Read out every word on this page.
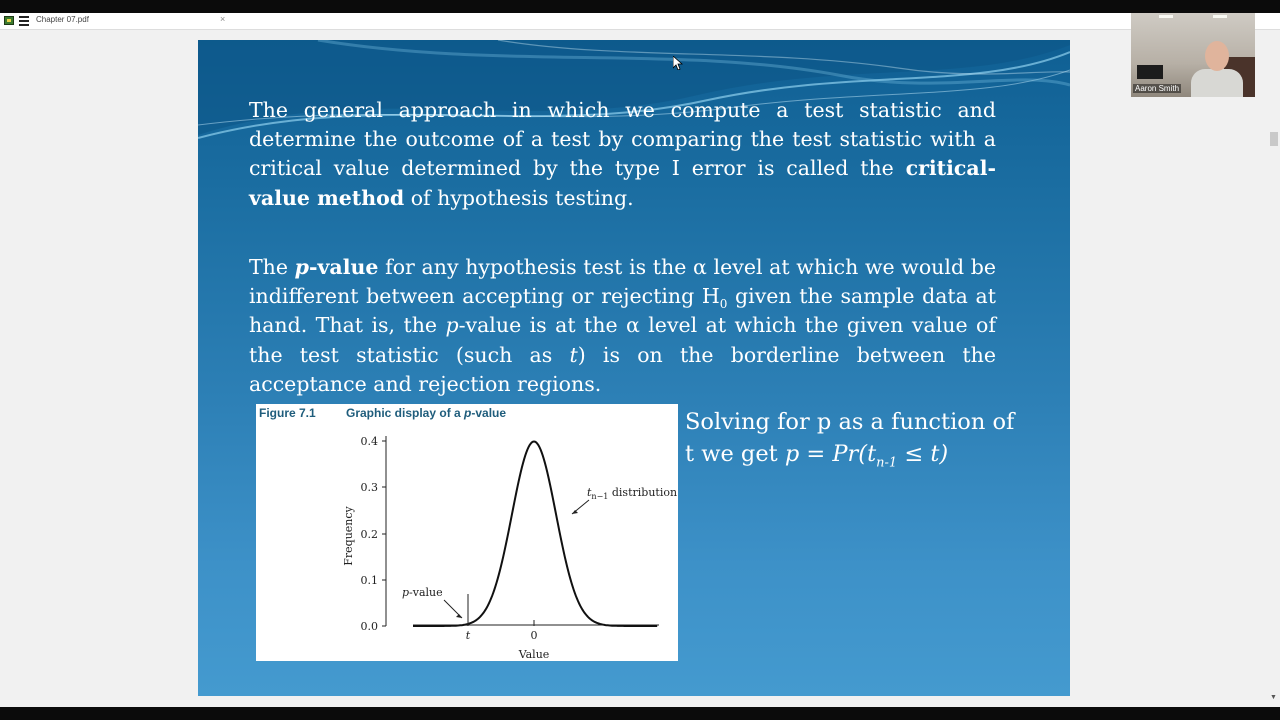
Chapter 07.pdf	×

The general approach in which we compute a test statistic and determine the outcome of a test by comparing the test statistic with a critical value determined by the type I error is called the critical-value method of hypothesis testing.

The p-value for any hypothesis test is the α level at which we would be indifferent between accepting or rejecting $H_0$ given the sample data at hand. That is, the p-value is at the α level at which the given value of the test statistic (such as t) is on the borderline between the acceptance and rejection regions.

Figure 7.1	Graphic display of a p-value
0.4
0.3
0.2
0.1
0.0
Frequency
t	0
Value
p-value
$t_{n-1}$ distribution
Solving for p as a function of t we get $p = Pr(t_{n-1} \le t)$
▼
Aaron Smith
